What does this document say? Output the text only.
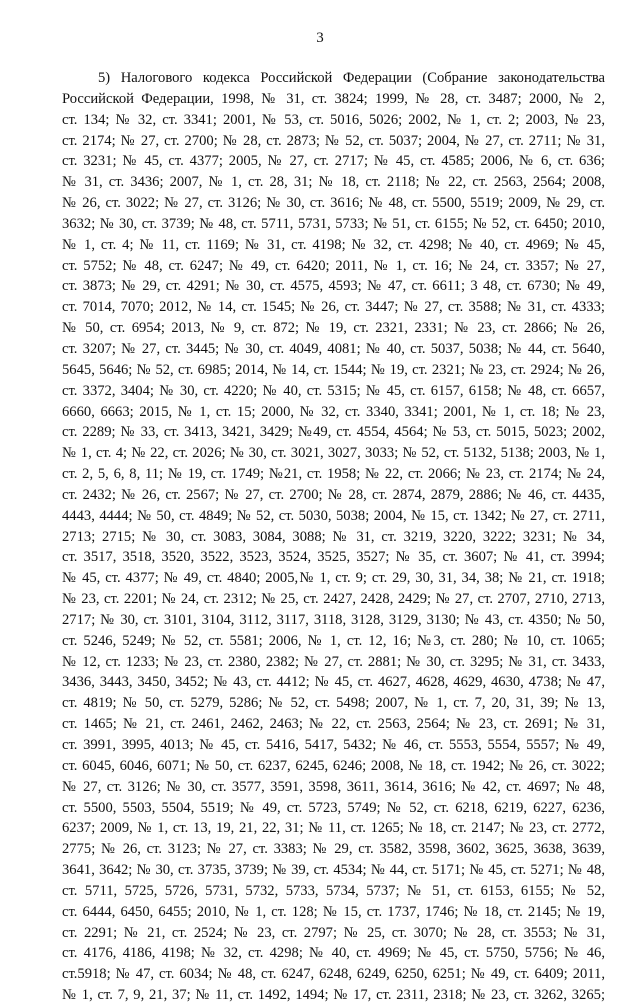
3

5) Налогового кодекса Российской Федерации (Собрание законодательства
Российской Федерации, 1998, № 31, ст. 3824; 1999, № 28, ст. 3487; 2000, № 2,
ст. 134; № 32, ст. 3341; 2001, № 53, ст. 5016, 5026; 2002, № 1, ст. 2; 2003, № 23,
ст. 2174; № 27, ст. 2700; № 28, ст. 2873; № 52, ст. 5037; 2004, № 27, ст. 2711; № 31,
ст. 3231; № 45, ст. 4377; 2005, № 27, ст. 2717; № 45, ст. 4585; 2006, № 6, ст. 636;
№ 31, ст. 3436; 2007, № 1, ст. 28, 31; № 18, ст. 2118; № 22, ст. 2563, 2564; 2008,
№ 26, ст. 3022; № 27, ст. 3126; № 30, ст. 3616; № 48, ст. 5500, 5519; 2009, № 29, ст.
3632; № 30, ст. 3739; № 48, ст. 5711, 5731, 5733; № 51, ст. 6155; № 52, ст. 6450; 2010,
№ 1, ст. 4; № 11, ст. 1169; № 31, ст. 4198; № 32, ст. 4298; № 40, ст. 4969; № 45,
ст. 5752; № 48, ст. 6247; № 49, ст. 6420; 2011, № 1, ст. 16; № 24, ст. 3357; № 27,
ст. 3873; № 29, ст. 4291; № 30, ст. 4575, 4593; № 47, ст. 6611; 3 48, ст. 6730; № 49,
ст. 7014, 7070; 2012, № 14, ст. 1545; № 26, ст. 3447; № 27, ст. 3588; № 31, ст. 4333;
№ 50, ст. 6954; 2013, № 9, ст. 872; № 19, ст. 2321, 2331; № 23, ст. 2866; № 26,
ст. 3207; № 27, ст. 3445; № 30, ст. 4049, 4081; № 40, ст. 5037, 5038; № 44, ст. 5640,
5645, 5646; № 52, ст. 6985; 2014, № 14, ст. 1544; № 19, ст. 2321; № 23, ст. 2924; № 26,
ст. 3372, 3404; № 30, ст. 4220; № 40, ст. 5315; № 45, ст. 6157, 6158; № 48, ст. 6657,
6660, 6663; 2015, № 1, ст. 15; 2000, № 32, ст. 3340, 3341; 2001, № 1, ст. 18; № 23,
ст. 2289; № 33, ст. 3413, 3421, 3429; №49, ст. 4554, 4564; № 53, ст. 5015, 5023; 2002,
№ 1, ст. 4; № 22, ст. 2026; № 30, ст. 3021, 3027, 3033; № 52, ст. 5132, 5138; 2003, № 1,
ст. 2, 5, 6, 8, 11; № 19, ст. 1749; №21, ст. 1958; № 22, ст. 2066; № 23, ст. 2174; № 24,
ст. 2432; № 26, ст. 2567; № 27, ст. 2700; № 28, ст. 2874, 2879, 2886; № 46, ст. 4435,
4443, 4444; № 50, ст. 4849; № 52, ст. 5030, 5038; 2004, № 15, ст. 1342; № 27, ст. 2711,
2713; 2715; № 30, ст. 3083, 3084, 3088; № 31, ст. 3219, 3220, 3222; 3231; № 34,
ст. 3517, 3518, 3520, 3522, 3523, 3524, 3525, 3527; № 35, ст. 3607; № 41, ст. 3994;
№ 45, ст. 4377; № 49, ст. 4840; 2005,№ 1, ст. 9; ст. 29, 30, 31, 34, 38; № 21, ст. 1918;
№ 23, ст. 2201; № 24, ст. 2312; № 25, ст. 2427, 2428, 2429; № 27, ст. 2707, 2710, 2713,
2717; № 30, ст. 3101, 3104, 3112, 3117, 3118, 3128, 3129, 3130; № 43, ст. 4350; № 50,
ст. 5246, 5249; № 52, ст. 5581; 2006, № 1, ст. 12, 16; №3, ст. 280; № 10, ст. 1065;
№ 12, ст. 1233; № 23, ст. 2380, 2382; № 27, ст. 2881; № 30, ст. 3295; № 31, ст. 3433,
3436, 3443, 3450, 3452; № 43, ст. 4412; № 45, ст. 4627, 4628, 4629, 4630, 4738; № 47,
ст. 4819; № 50, ст. 5279, 5286; № 52, ст. 5498; 2007, № 1, ст. 7, 20, 31, 39; № 13,
ст. 1465; № 21, ст. 2461, 2462, 2463; № 22, ст. 2563, 2564; № 23, ст. 2691; № 31,
ст. 3991, 3995, 4013; № 45, ст. 5416, 5417, 5432; № 46, ст. 5553, 5554, 5557; № 49,
ст. 6045, 6046, 6071; № 50, ст. 6237, 6245, 6246; 2008, № 18, ст. 1942; № 26, ст. 3022;
№ 27, ст. 3126; № 30, ст. 3577, 3591, 3598, 3611, 3614, 3616; № 42, ст. 4697; № 48,
ст. 5500, 5503, 5504, 5519; № 49, ст. 5723, 5749; № 52, ст. 6218, 6219, 6227, 6236,
6237; 2009, № 1, ст. 13, 19, 21, 22, 31; № 11, ст. 1265; № 18, ст. 2147; № 23, ст. 2772,
2775; № 26, ст. 3123; № 27, ст. 3383; № 29, ст. 3582, 3598, 3602, 3625, 3638, 3639,
3641, 3642; № 30, ст. 3735, 3739; № 39, ст. 4534; № 44, ст. 5171; № 45, ст. 5271; № 48,
ст. 5711, 5725, 5726, 5731, 5732, 5733, 5734, 5737; № 51, ст. 6153, 6155; № 52,
ст. 6444, 6450, 6455; 2010, № 1, ст. 128; № 15, ст. 1737, 1746; № 18, ст. 2145; № 19,
ст. 2291; № 21, ст. 2524; № 23, ст. 2797; № 25, ст. 3070; № 28, ст. 3553; № 31,
ст. 4176, 4186, 4198; № 32, ст. 4298; № 40, ст. 4969; № 45, ст. 5750, 5756; № 46,
ст.5918; № 47, ст. 6034; № 48, ст. 6247, 6248, 6249, 6250, 6251; № 49, ст. 6409; 2011,
№ 1, ст. 7, 9, 21, 37; № 11, ст. 1492, 1494; № 17, ст. 2311, 2318; № 23, ст. 3262, 3265;
